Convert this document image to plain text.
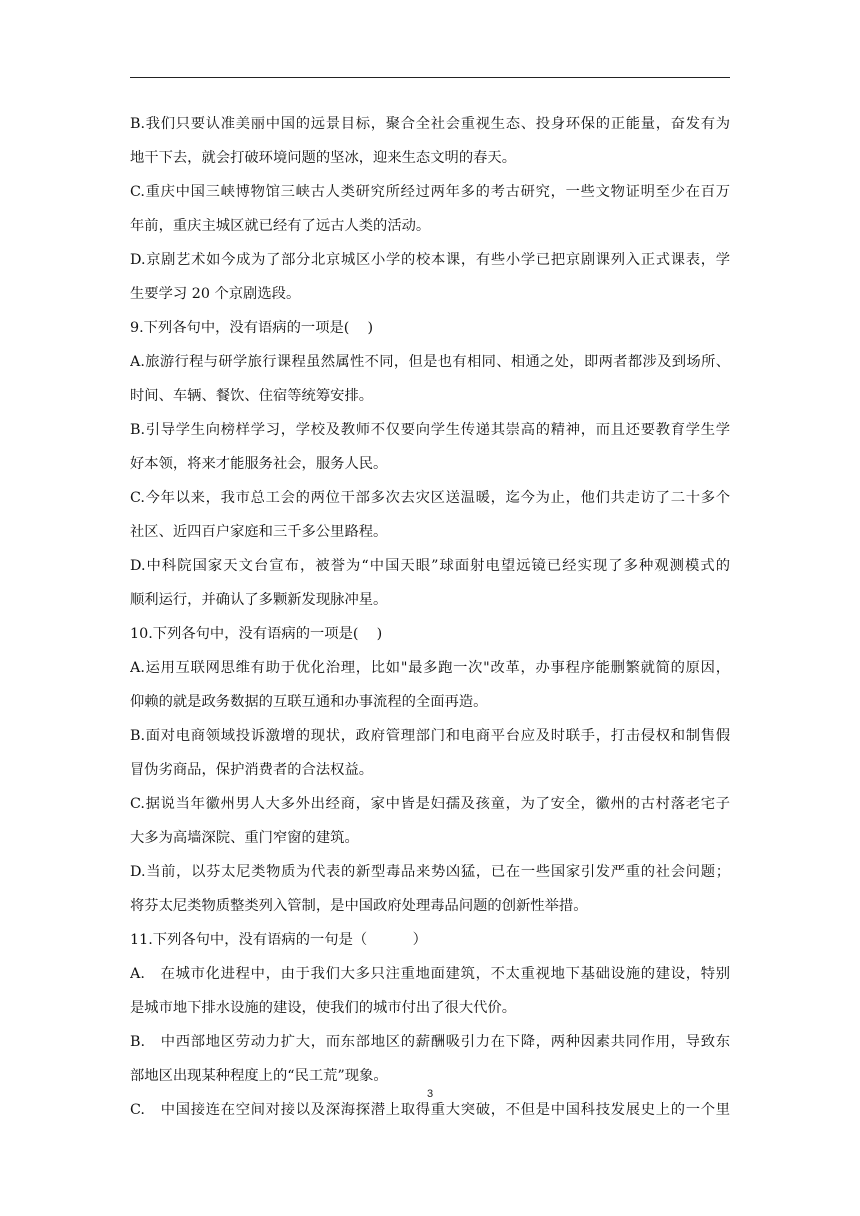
B.我们只要认准美丽中国的远景目标，聚合全社会重视生态、投身环保的正能量，奋发有为
地干下去，就会打破环境问题的坚冰，迎来生态文明的春天。
C.重庆中国三峡博物馆三峡古人类研究所经过两年多的考古研究，一些文物证明至少在百万
年前，重庆主城区就已经有了远古人类的活动。
D.京剧艺术如今成为了部分北京城区小学的校本课，有些小学已把京剧课列入正式课表，学
生要学习 20 个京剧选段。
9.下列各句中，没有语病的一项是(    )
A.旅游行程与研学旅行课程虽然属性不同，但是也有相同、相通之处，即两者都涉及到场所、
时间、车辆、餐饮、住宿等统筹安排。
B.引导学生向榜样学习，学校及教师不仅要向学生传递其崇高的精神，而且还要教育学生学
好本领，将来才能服务社会，服务人民。
C.今年以来，我市总工会的两位干部多次去灾区送温暖，迄今为止，他们共走访了二十多个
社区、近四百户家庭和三千多公里路程。
D.中科院国家天文台宣布，被誉为“中国天眼”球面射电望远镜已经实现了多种观测模式的
顺利运行，并确认了多颗新发现脉冲星。
10.下列各句中，没有语病的一项是(    )
A.运用互联网思维有助于优化治理，比如"最多跑一次"改革，办事程序能删繁就简的原因，
仰赖的就是政务数据的互联互通和办事流程的全面再造。
B.面对电商领域投诉激增的现状，政府管理部门和电商平台应及时联手，打击侵权和制售假
冒伪劣商品，保护消费者的合法权益。
C.据说当年徽州男人大多外出经商，家中皆是妇孺及孩童，为了安全，徽州的古村落老宅子
大多为高墙深院、重门窄窗的建筑。
D.当前，以芬太尼类物质为代表的新型毒品来势凶猛，已在一些国家引发严重的社会问题；
将芬太尼类物质整类列入管制，是中国政府处理毒品问题的创新性举措。
11.下列各句中，没有语病的一句是（          ）
A.   在城市化进程中，由于我们大多只注重地面建筑，不太重视地下基础设施的建设，特别
是城市地下排水设施的建设，使我们的城市付出了很大代价。
B.   中西部地区劳动力扩大，而东部地区的薪酬吸引力在下降，两种因素共同作用，导致东
部地区出现某种程度上的“民工荒”现象。
C.   中国接连在空间对接以及深海探潜上取得重大突破，不但是中国科技发展史上的一个里
3
